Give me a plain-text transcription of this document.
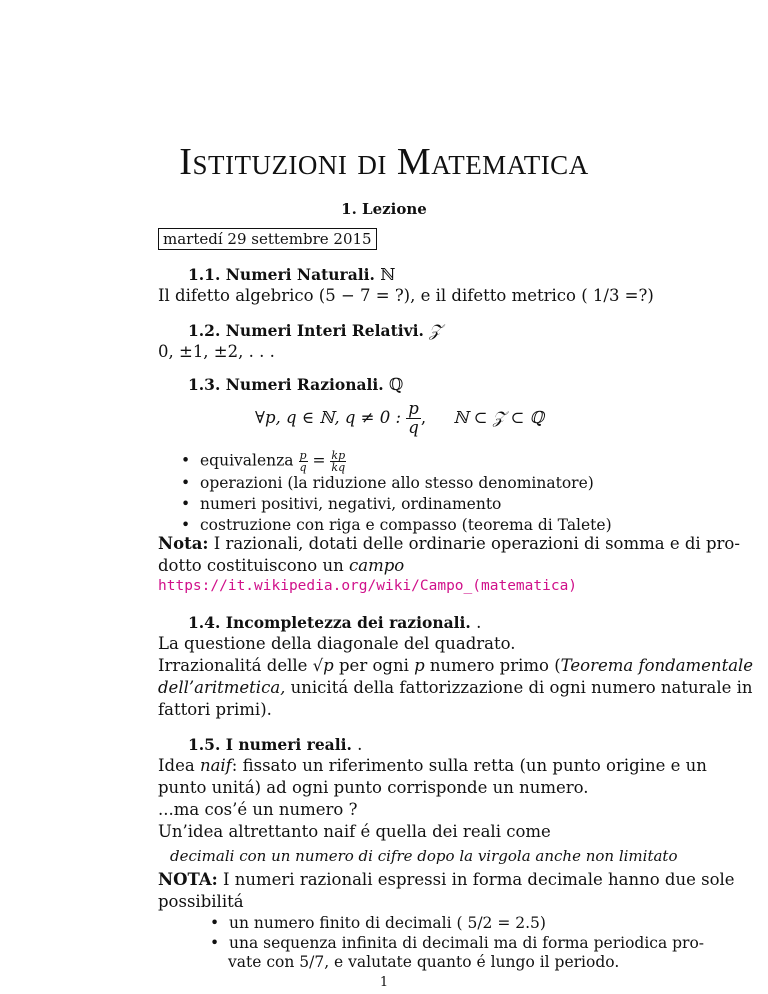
Istituzioni di Matematica
1. Lezione
martedí 29 settembre 2015
1.1. Numeri Naturali. ℕ
Il difetto algebrico (5 − 7 = ?), e il difetto metrico ( 1/3 =?)
1.2. Numeri Interi Relativi. 𝒵
0, ±1, ±2, . . .
1.3. Numeri Razionali. ℚ
∀p, q ∈ ℕ, q ≠ 0 : $\frac{p}{q}$ , ℕ ⊂ 𝒵 ⊂ ℚ
•  equivalenza $\frac{p}{q} = \frac{kp}{kq}$
•  operazioni (la riduzione allo stesso denominatore)
•  numeri positivi, negativi, ordinamento
•  costruzione con riga e compasso (teorema di Talete)
Nota: I razionali, dotati delle ordinarie operazioni di somma e di pro-
dotto costituiscono un campo
https://it.wikipedia.org/wiki/Campo_(matematica)
1.4. Incompletezza dei razionali. .
La questione della diagonale del quadrato.
Irrazionalitá delle √p per ogni p numero primo (Teorema fondamentale
dell’aritmetica, unicitá della fattorizzazione di ogni numero naturale in
fattori primi).
1.5. I numeri reali. .
Idea naif: fissato un riferimento sulla retta (un punto origine e un
punto unitá) ad ogni punto corrisponde un numero.
...ma cos’é un numero ?
Un’idea altrettanto naif é quella dei reali come
decimali con un numero di cifre dopo la virgola anche non limitato
NOTA: I numeri razionali espressi in forma decimale hanno due sole
possibilitá
•  un numero finito di decimali ( 5/2 = 2.5)
1
•  una sequenza infinita di decimali ma di forma periodica pro-
vate con 5/7, e valutate quanto é lungo il periodo.
